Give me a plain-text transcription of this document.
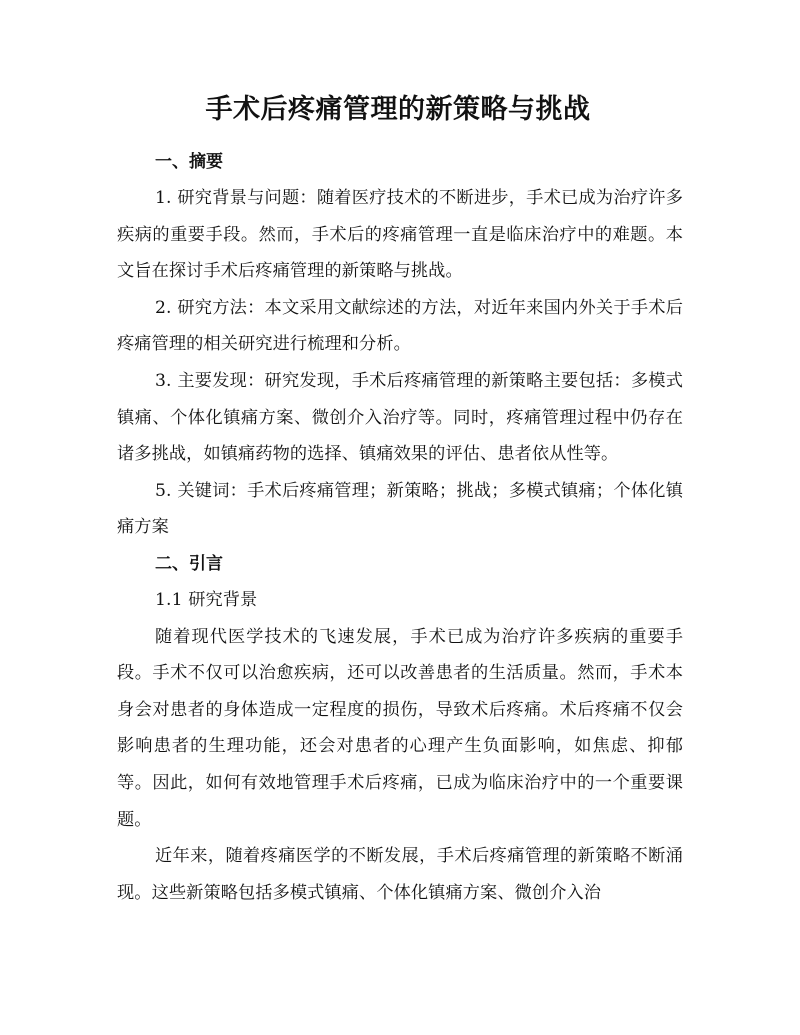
手术后疼痛管理的新策略与挑战
一、摘要

1. 研究背景与问题：随着医疗技术的不断进步，手术已成为治疗许多疾病的重要手段。然而，手术后的疼痛管理一直是临床治疗中的难题。本文旨在探讨手术后疼痛管理的新策略与挑战。

2. 研究方法：本文采用文献综述的方法，对近年来国内外关于手术后疼痛管理的相关研究进行梳理和分析。

3. 主要发现：研究发现，手术后疼痛管理的新策略主要包括：多模式镇痛、个体化镇痛方案、微创介入治疗等。同时，疼痛管理过程中仍存在诸多挑战，如镇痛药物的选择、镇痛效果的评估、患者依从性等。

5. 关键词：手术后疼痛管理；新策略；挑战；多模式镇痛；个体化镇痛方案

二、引言

1.1 研究背景

随着现代医学技术的飞速发展，手术已成为治疗许多疾病的重要手段。手术不仅可以治愈疾病，还可以改善患者的生活质量。然而，手术本身会对患者的身体造成一定程度的损伤，导致术后疼痛。术后疼痛不仅会影响患者的生理功能，还会对患者的心理产生负面影响，如焦虑、抑郁等。因此，如何有效地管理手术后疼痛，已成为临床治疗中的一个重要课题。

近年来，随着疼痛医学的不断发展，手术后疼痛管理的新策略不断涌现。这些新策略包括多模式镇痛、个体化镇痛方案、微创介入治
